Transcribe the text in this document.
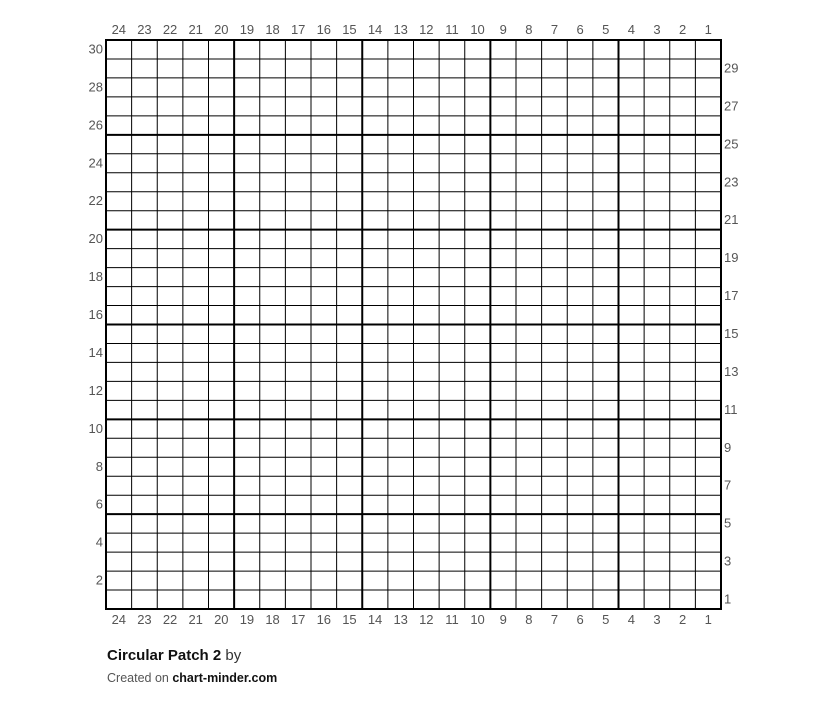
24 23 22 21 20 19 18 17 16 15 14 13 12 11 10 9 8 7 6 5 4 3 2 1
24 23 22 21 20 19 18 17 16 15 14 13 12 11 10 9 8 7 6 5 4 3 2 1
30
28
26
24
22
20
18
16
14
12
10
8
6
4
2
29
27
25
23
21
19
17
15
13
11
9
7
5
3
1
Circular Patch 2 by
Created on chart-minder.com
